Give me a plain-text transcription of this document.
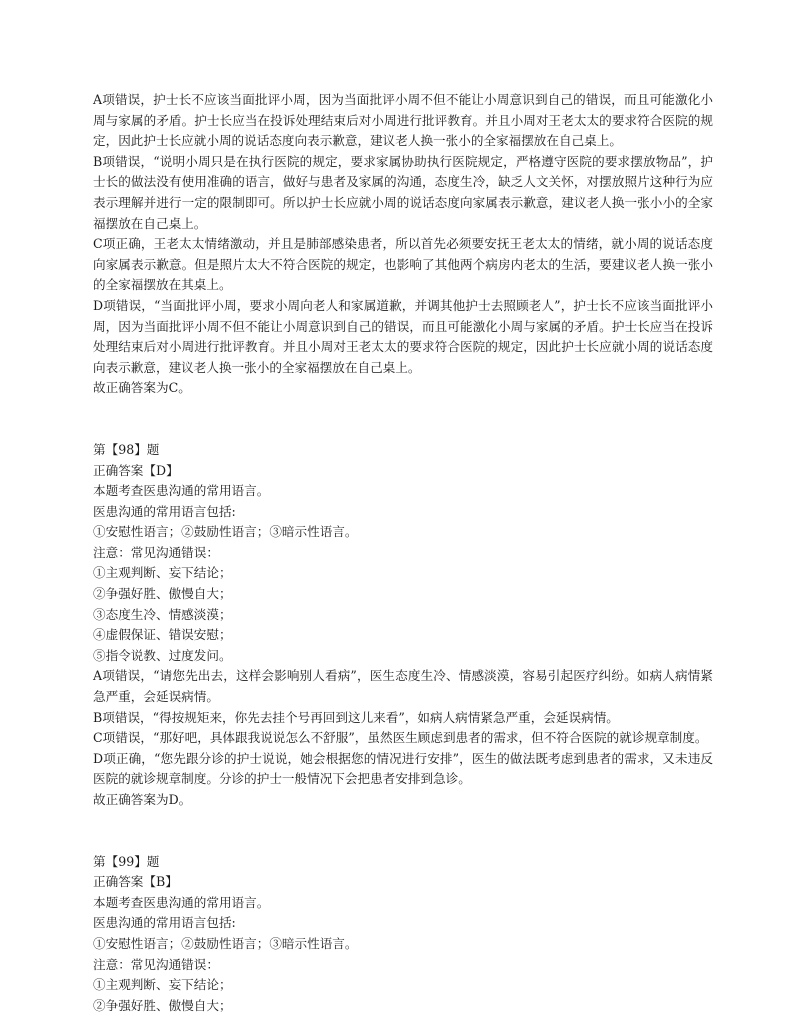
A项错误，护士长不应该当面批评小周，因为当面批评小周不但不能让小周意识到自己的错误，而且可能激化小周与家属的矛盾。护士长应当在投诉处理结束后对小周进行批评教育。并且小周对王老太太的要求符合医院的规定，因此护士长应就小周的说话态度向表示歉意，建议老人换一张小的全家福摆放在自己桌上。

B项错误，“说明小周只是在执行医院的规定，要求家属协助执行医院规定，严格遵守医院的要求摆放物品”，护士长的做法没有使用准确的语言，做好与患者及家属的沟通，态度生冷，缺乏人文关怀，对摆放照片这种行为应表示理解并进行一定的限制即可。所以护士长应就小周的说话态度向家属表示歉意，建议老人换一张小小的全家福摆放在自己桌上。

C项正确，王老太太情绪激动，并且是肺部感染患者，所以首先必须要安抚王老太太的情绪，就小周的说话态度向家属表示歉意。但是照片太大不符合医院的规定，也影响了其他两个病房内老太的生活，要建议老人换一张小的全家福摆放在其桌上。

D项错误，“当面批评小周，要求小周向老人和家属道歉，并调其他护士去照顾老人”，护士长不应该当面批评小周，因为当面批评小周不但不能让小周意识到自己的错误，而且可能激化小周与家属的矛盾。护士长应当在投诉处理结束后对小周进行批评教育。并且小周对王老太太的要求符合医院的规定，因此护士长应就小周的说话态度向表示歉意，建议老人换一张小的全家福摆放在自己桌上。

故正确答案为C。

第【98】题

正确答案【D】

本题考查医患沟通的常用语言。

医患沟通的常用语言包括:

①安慰性语言；②鼓励性语言；③暗示性语言。

注意：常见沟通错误：

①主观判断、妄下结论；

②争强好胜、傲慢自大；

③态度生冷、情感淡漠；

④虚假保证、错误安慰；

⑤指令说教、过度发问。

A项错误，“请您先出去，这样会影响别人看病”，医生态度生冷、情感淡漠，容易引起医疗纠纷。如病人病情紧急严重，会延误病情。

B项错误，“得按规矩来，你先去挂个号再回到这儿来看”，如病人病情紧急严重，会延误病情。

C项错误，“那好吧，具体跟我说说怎么不舒服”，虽然医生顾虑到患者的需求，但不符合医院的就诊规章制度。

D项正确，“您先跟分诊的护士说说，她会根据您的情况进行安排”，医生的做法既考虑到患者的需求，又未违反医院的就诊规章制度。分诊的护士一般情况下会把患者安排到急诊。

故正确答案为D。

第【99】题

正确答案【B】

本题考查医患沟通的常用语言。

医患沟通的常用语言包括:

①安慰性语言；②鼓励性语言；③暗示性语言。

注意：常见沟通错误：

①主观判断、妄下结论；

②争强好胜、傲慢自大；
